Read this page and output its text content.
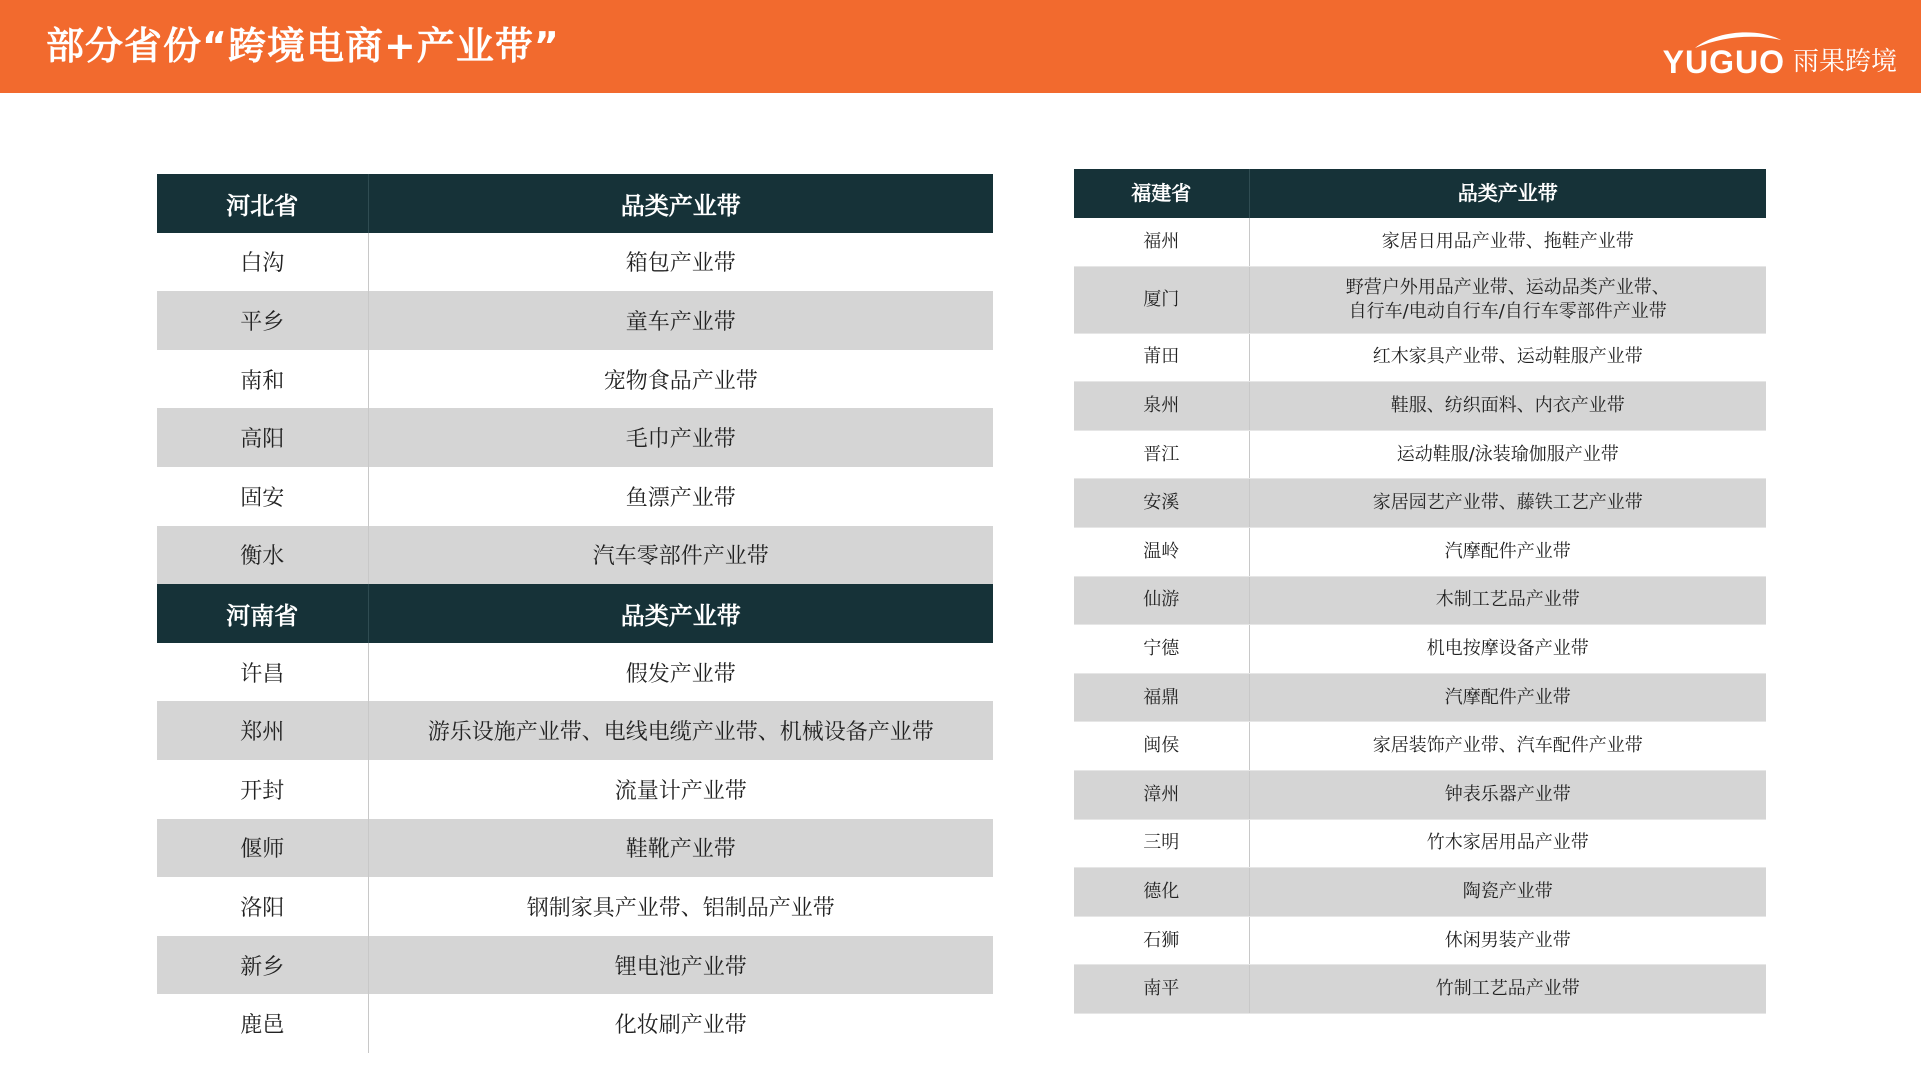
部分省份“跨境电商+产业带”	YUGUO 雨果跨境
河北省	品类产业带
白沟	箱包产业带
平乡	童车产业带
南和	宠物食品产业带
高阳	毛巾产业带
固安	鱼漂产业带
衡水	汽车零部件产业带
河南省	品类产业带
许昌	假发产业带
郑州	游乐设施产业带、电线电缆产业带、机械设备产业带
开封	流量计产业带
偃师	鞋靴产业带
洛阳	钢制家具产业带、铝制品产业带
新乡	锂电池产业带
鹿邑	化妆刷产业带
福建省	品类产业带
福州	家居日用品产业带、拖鞋产业带
厦门	野营户外用品产业带、运动品类产业带、
自行车/电动自行车/自行车零部件产业带

莆田	红木家具产业带、运动鞋服产业带
泉州	鞋服、纺织面料、内衣产业带
晋江	运动鞋服/泳装瑜伽服产业带
安溪	家居园艺产业带、藤铁工艺产业带
温岭	汽摩配件产业带
仙游	木制工艺品产业带
宁德	机电按摩设备产业带
福鼎	汽摩配件产业带
闽侯	家居装饰产业带、汽车配件产业带
漳州	钟表乐器产业带
三明	竹木家居用品产业带
德化	陶瓷产业带
石狮	休闲男装产业带
南平	竹制工艺品产业带
